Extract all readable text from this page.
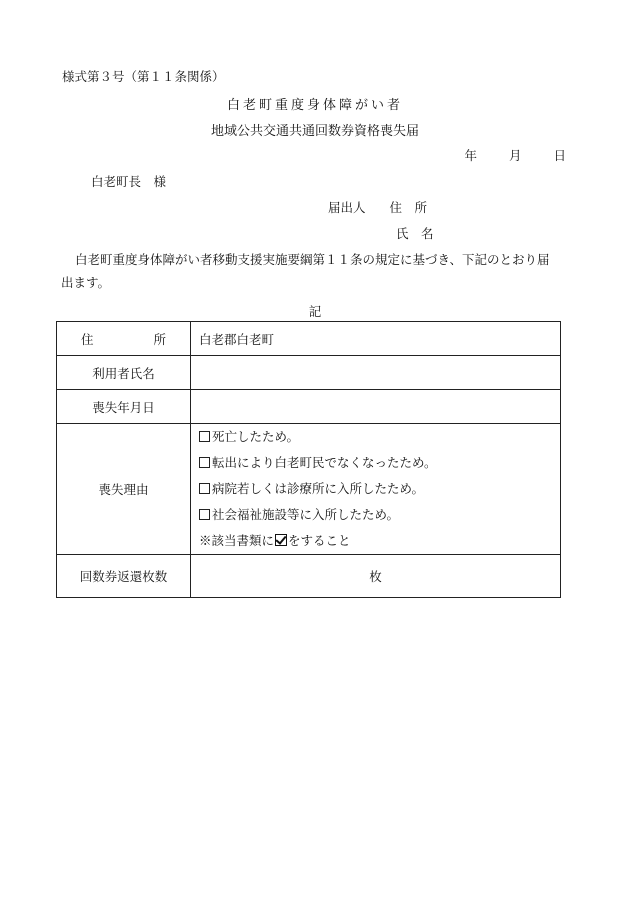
様式第３号（第１１条関係）
白老町重度身体障がい者
地域公共交通共通回数券資格喪失届
年	月	日
白老町長　様
届出人 住　所
氏　名
白老町重度身体障がい者移動支援実施要綱第１１条の規定に基づき、下記のとおり届出ます。
記
住 所	白老郡白老町
利用者氏名	
喪失年月日	
喪失理由	死亡したため。
転出により白老町民でなくなったため。
病院若しくは診療所に入所したため。
社会福祉施設等に入所したため。
※該当書類に をすること

回数券返還枚数	枚
